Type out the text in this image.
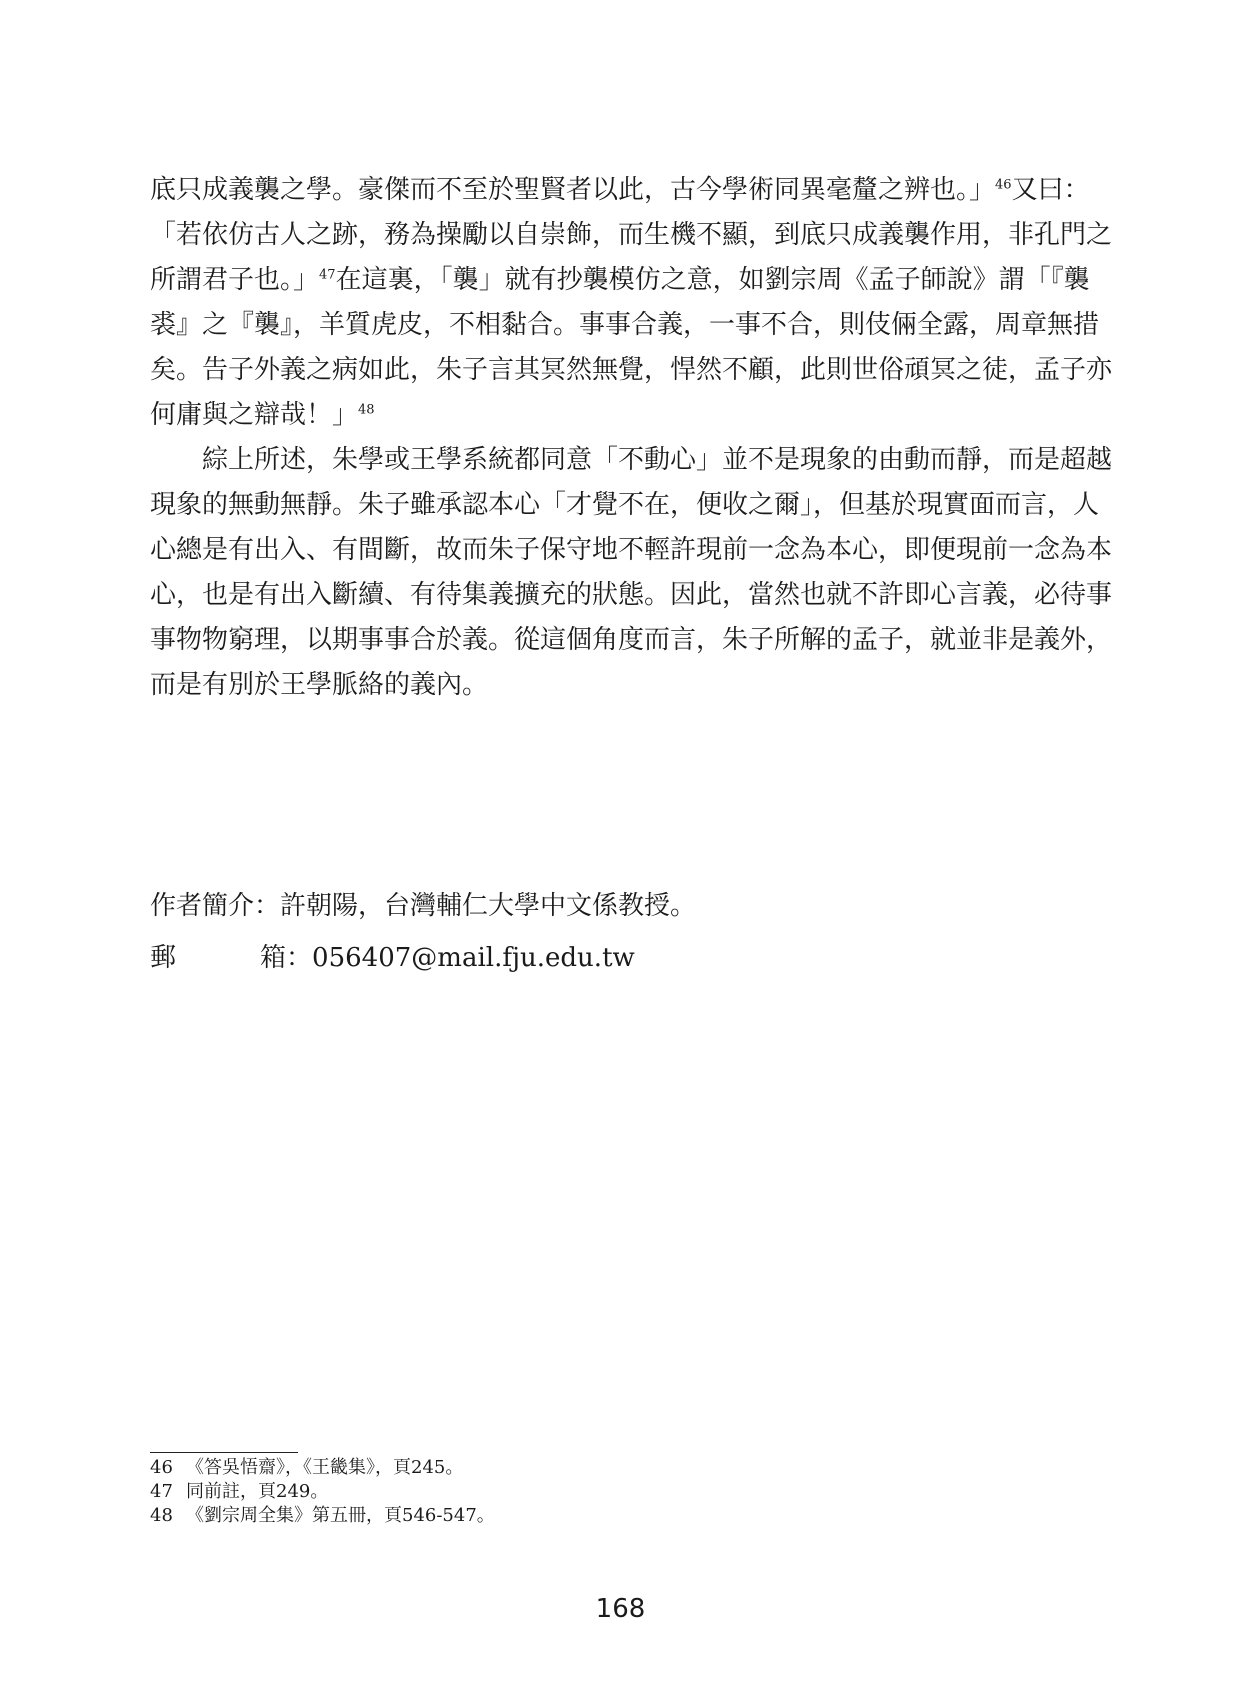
底只成義襲之學。豪傑而不至於聖賢者以此，古今學術同異毫釐之辨也。」$^{46}$又曰：
「若依仿古人之跡，務為操勵以自崇飾，而生機不顯，到底只成義襲作用，非孔門之
所謂君子也。」$^{47}$在這裏，「襲」就有抄襲模仿之意，如劉宗周《孟子師說》謂「『襲
裘』之『襲』，羊質虎皮，不相黏合。事事合義，一事不合，則伎倆全露，周章無措
矣。告子外義之病如此，朱子言其冥然無覺，悍然不顧，此則世俗頑冥之徒，孟子亦
何庸與之辯哉！」$^{48}$
綜上所述，朱學或王學系統都同意「不動心」並不是現象的由動而靜，而是超越
現象的無動無靜。朱子雖承認本心「才覺不在，便收之爾」，但基於現實面而言，人
心總是有出入、有間斷，故而朱子保守地不輕許現前一念為本心，即便現前一念為本
心，也是有出入斷續、有待集義擴充的狀態。因此，當然也就不許即心言義，必待事
事物物窮理，以期事事合於義。從這個角度而言，朱子所解的孟子，就並非是義外，
而是有別於王學脈絡的義內。
作者簡介：許朝陽，台灣輔仁大學中文係教授。
郵	箱：056407@mail.fju.edu.tw
46 《答吳悟齋》，《王畿集》，頁245。
47 同前註，頁249。
48 《劉宗周全集》第五冊，頁546-547。
168
